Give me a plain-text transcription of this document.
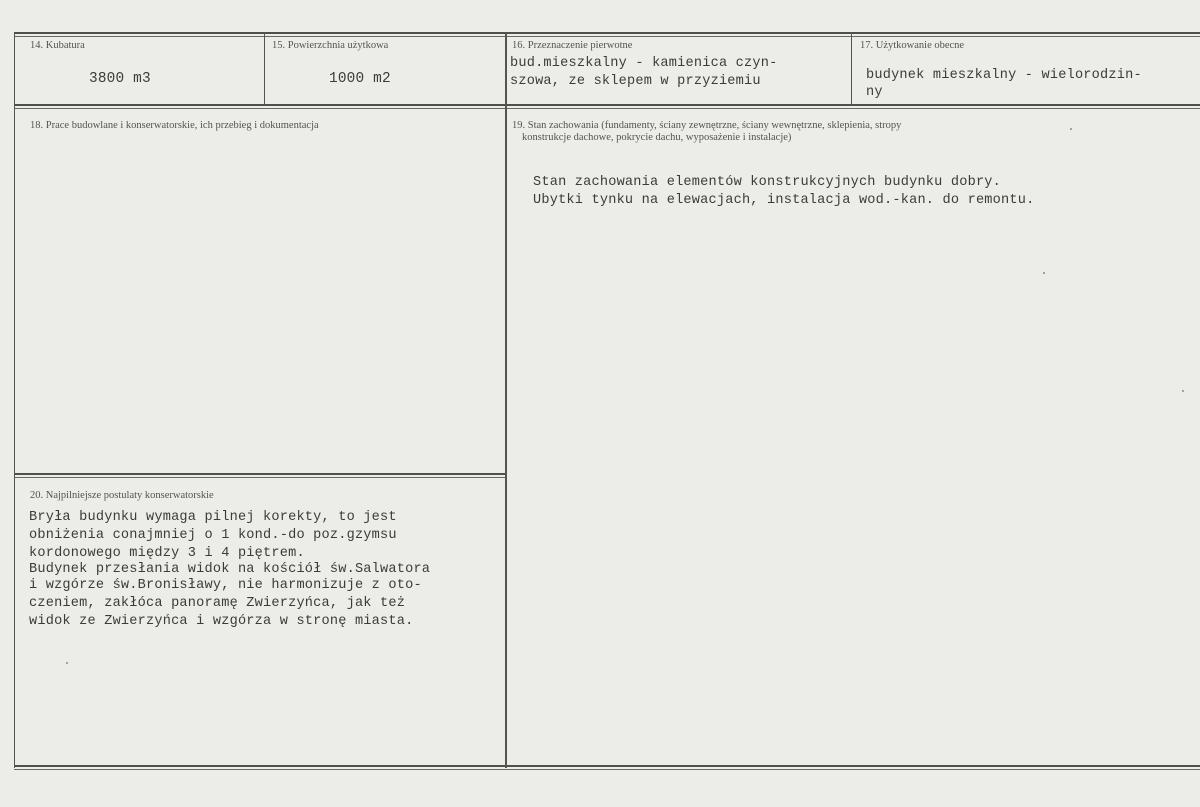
14. Kubatura
3800 m3
15. Powierzchnia użytkowa
1000 m2
16. Przeznaczenie pierwotne
bud.mieszkalny - kamienica czyn-
szowa, ze sklepem w przyziemiu
17. Użytkowanie obecne
budynek mieszkalny - wielorodzin-
ny
18. Prace budowlane i konserwatorskie, ich przebieg i dokumentacja	19. Stan zachowania (fundamenty, ściany zewnętrzne, ściany wewnętrzne, sklepienia, stropy
konstrukcje dachowe, pokrycie dachu, wyposażenie i instalacje)
Stan zachowania elementów konstrukcyjnych budynku dobry.
Ubytki tynku na elewacjach, instalacja wod.-kan. do remontu.
20. Najpilniejsze postulaty konserwatorskie
Bryła budynku wymaga pilnej korekty, to jest
obniżenia conajmniej o 1 kond.-do poz.gzymsu
kordonowego między 3 i 4 piętrem.
Budynek przesłania widok na kościół św.Salwatora
i wzgórze św.Bronisławy, nie harmonizuje z oto-
czeniem, zakłóca panoramę Zwierzyńca, jak też
widok ze Zwierzyńca i wzgórza w stronę miasta.
